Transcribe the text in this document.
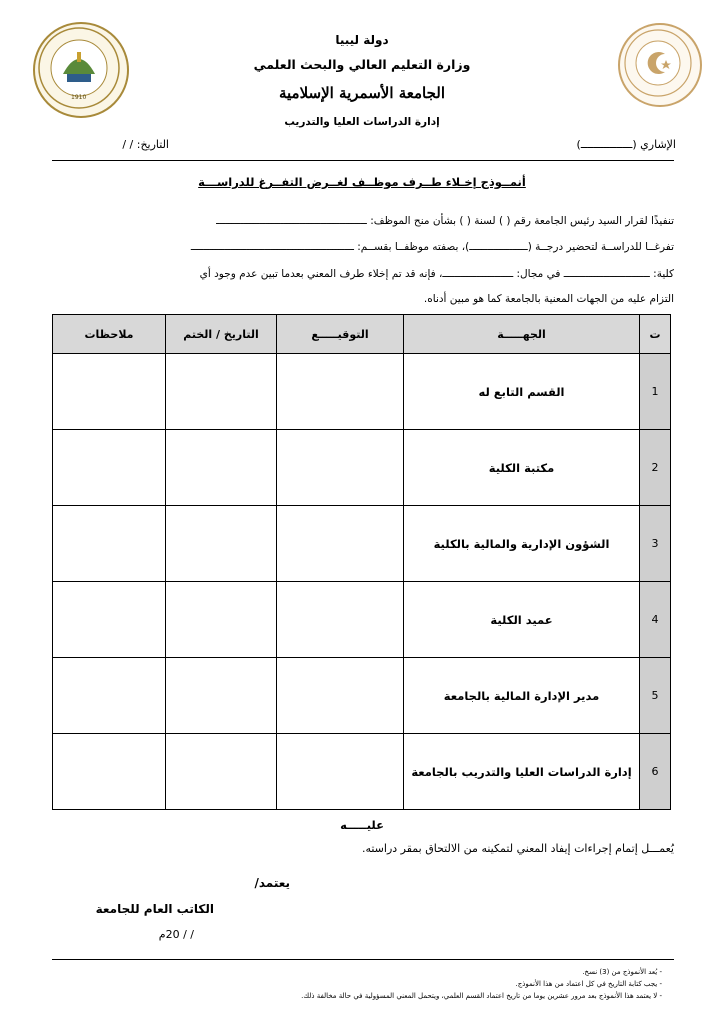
1910
دولة ليبيا
وزارة التعليم العالي والبحث العلمي
الجامعة الأسمرية الإسلامية
إدارة الدراسات العليا والتدريب
الإشاري (ــــــــــــــــ)
التاريخ: / /
أنمــوذج إخـلاء طــرف موظــف لغــرض التفــرغ للدراســـة
تنفيذًا لقرار السيد رئيس الجامعة رقم ( ) لسنة ( ) بشأن منح الموظف: ـــــــــــــــــــــــــــــــــــــــــــــــــ
تفرغــا للدراســة لتحضير درجــة (ـــــــــــــــــــ)، بصفته موظفــا بقســم: ـــــــــــــــــــــــــــــــــــــــــــــــــــــ
كلية: ــــــــــــــــــــــــــــ في مجال: ـــــــــــــــــــــــ، فإنه قد تم إخلاء طرف المعني بعدما تبين عدم وجود أي
التزام عليه من الجهات المعنية بالجامعة كما هو مبين أدناه.
ت	الجهـــــة	التوقيـــــع	التاريخ / الختم	ملاحظات
1	القسم التابع له			
2	مكتبة الكلية			
3	الشؤون الإدارية والمالية بالكلية			
4	عميد الكلية			
5	مدير الإدارة المالية بالجامعة			
6	إدارة الدراسات العليا والتدريب بالجامعة			
عليـــــه
يُعمـــل إتمام إجراءات إيفاد المعني لتمكينه من الالتحاق بمقر دراسته.
يعتمد/
الكاتب العام للجامعة
/ / 20م
- يُعد الأنموذج من (3) نسخ.
- يجب كتابة التاريخ في كل اعتماد من هذا الأنموذج.
- لا يعتمد هذا الأنموذج بعد مرور عشرين يوما من تاريخ اعتماد القسم العلمي، ويتحمل المعني المسؤولية في حالة مخالفة ذلك.
